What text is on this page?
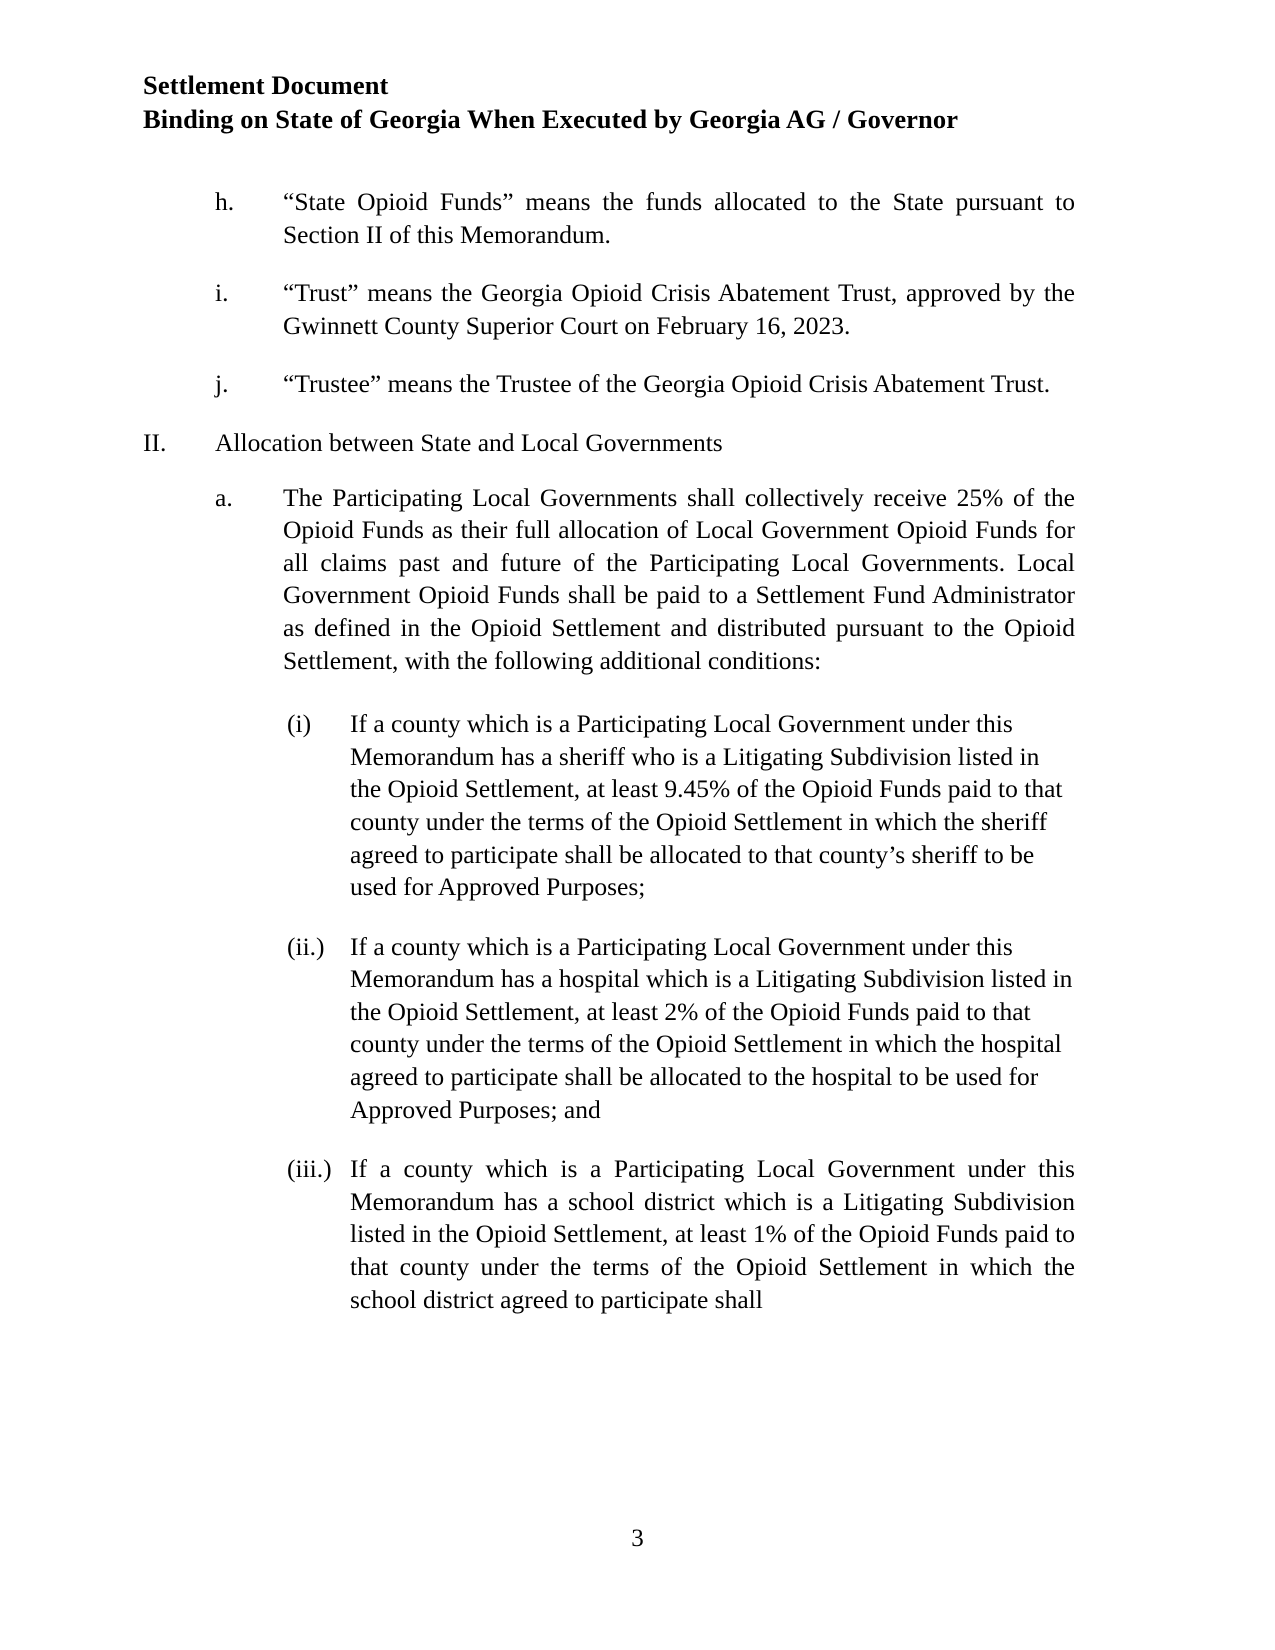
Settlement Document
Binding on State of Georgia When Executed by Georgia AG / Governor
h.	“State Opioid Funds” means the funds allocated to the State pursuant to Section II of this Memorandum.
i.	“Trust” means the Georgia Opioid Crisis Abatement Trust, approved by the Gwinnett County Superior Court on February 16, 2023.
j.	“Trustee” means the Trustee of the Georgia Opioid Crisis Abatement Trust.
II.	Allocation between State and Local Governments
a.	The Participating Local Governments shall collectively receive 25% of the Opioid Funds as their full allocation of Local Government Opioid Funds for all claims past and future of the Participating Local Governments. Local Government Opioid Funds shall be paid to a Settlement Fund Administrator as defined in the Opioid Settlement and distributed pursuant to the Opioid Settlement, with the following additional conditions:
(i)	If a county which is a Participating Local Government under this Memorandum has a sheriff who is a Litigating Subdivision listed in the Opioid Settlement, at least 9.45% of the Opioid Funds paid to that county under the terms of the Opioid Settlement in which the sheriff agreed to participate shall be allocated to that county’s sheriff to be used for Approved Purposes;
(ii.) If a county which is a Participating Local Government under this Memorandum has a hospital which is a Litigating Subdivision listed in the Opioid Settlement, at least 2% of the Opioid Funds paid to that county under the terms of the Opioid Settlement in which the hospital agreed to participate shall be allocated to the hospital to be used for Approved Purposes; and
(iii.) If a county which is a Participating Local Government under this Memorandum has a school district which is a Litigating Subdivision listed in the Opioid Settlement, at least 1% of the Opioid Funds paid to that county under the terms of the Opioid Settlement in which the school district agreed to participate shall
3
